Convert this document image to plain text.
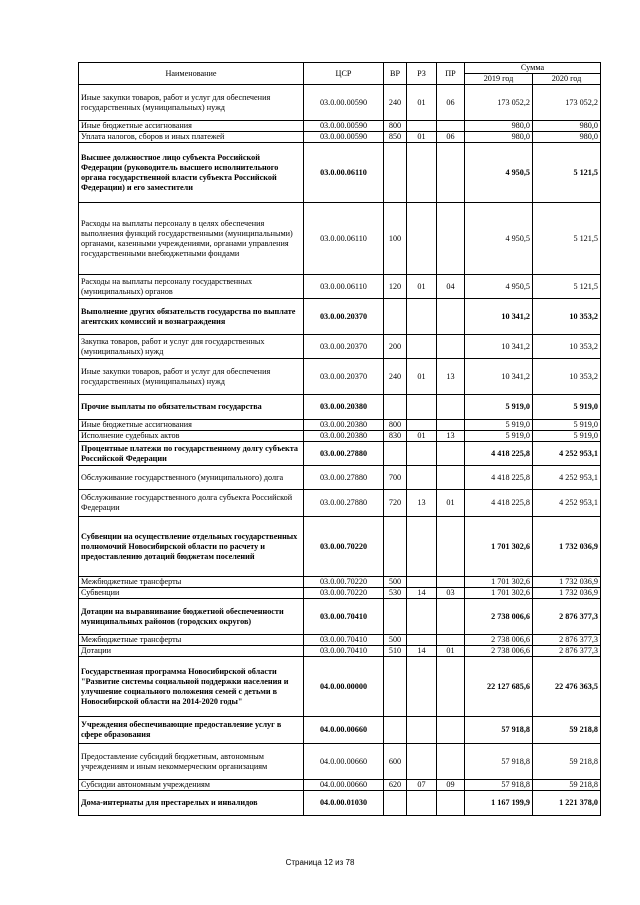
Наименование	ЦСР	ВР	РЗ	ПР	Сумма	
					2019 год	2020 год
Иные закупки товаров, работ и услуг для обеспечения государственных (муниципальных) нужд	03.0.00.00590	240	01	06	173 052,2	173 052,2
Иные бюджетные ассигнования	03.0.00.00590	800			980,0	980,0
Уплата налогов, сборов и иных платежей	03.0.00.00590	850	01	06	980,0	980,0
Высшее должностное лицо субъекта Российской Федерации (руководитель высшего исполнительного органа государственной власти субъекта Российской Федерации) и его заместители	03.0.00.06110				4 950,5	5 121,5
Расходы на выплаты персоналу в целях обеспечения выполнения функций государственными (муниципальными) органами, казенными учреждениями, органами управления государственными внебюджетными фондами	03.0.00.06110	100			4 950,5	5 121,5
Расходы на выплаты персоналу государственных (муниципальных) органов	03.0.00.06110	120	01	04	4 950,5	5 121,5
Выполнение других обязательств государства по выплате агентских комиссий и вознаграждения	03.0.00.20370				10 341,2	10 353,2
Закупка товаров, работ и услуг для государственных (муниципальных) нужд	03.0.00.20370	200			10 341,2	10 353,2
Иные закупки товаров, работ и услуг для обеспечения государственных (муниципальных) нужд	03.0.00.20370	240	01	13	10 341,2	10 353,2
Прочие выплаты по обязательствам государства	03.0.00.20380				5 919,0	5 919,0
Иные бюджетные ассигнования	03.0.00.20380	800			5 919,0	5 919,0
Исполнение судебных актов	03.0.00.20380	830	01	13	5 919,0	5 919,0
Процентные платежи по государственному долгу субъекта Российской Федерации	03.0.00.27880				4 418 225,8	4 252 953,1
Обслуживание государственного (муниципального) долга	03.0.00.27880	700			4 418 225,8	4 252 953,1
Обслуживание государственного долга субъекта Российской Федерации	03.0.00.27880	720	13	01	4 418 225,8	4 252 953,1
Субвенции на осуществление отдельных государственных полномочий Новосибирской области по расчету и предоставлению дотаций бюджетам поселений	03.0.00.70220				1 701 302,6	1 732 036,9
Межбюджетные трансферты	03.0.00.70220	500			1 701 302,6	1 732 036,9
Субвенции	03.0.00.70220	530	14	03	1 701 302,6	1 732 036,9
Дотации на выравнивание бюджетной обеспеченности муниципальных районов (городских округов)	03.0.00.70410				2 738 006,6	2 876 377,3
Межбюджетные трансферты	03.0.00.70410	500			2 738 006,6	2 876 377,3
Дотации	03.0.00.70410	510	14	01	2 738 006,6	2 876 377,3
Государственная программа Новосибирской области "Развитие системы социальной поддержки населения и улучшение социального положения семей с детьми в Новосибирской области на 2014-2020 годы"	04.0.00.00000				22 127 685,6	22 476 363,5
Учреждения обеспечивающие предоставление услуг в сфере образования	04.0.00.00660				57 918,8	59 218,8
Предоставление субсидий бюджетным, автономным учреждениям и иным некоммерческим организациям	04.0.00.00660	600			57 918,8	59 218,8
Субсидии автономным учреждениям	04.0.00.00660	620	07	09	57 918,8	59 218,8
Дома-интернаты для престарелых и инвалидов	04.0.00.01030				1 167 199,9	1 221 378,0
Страница 12 из 78
